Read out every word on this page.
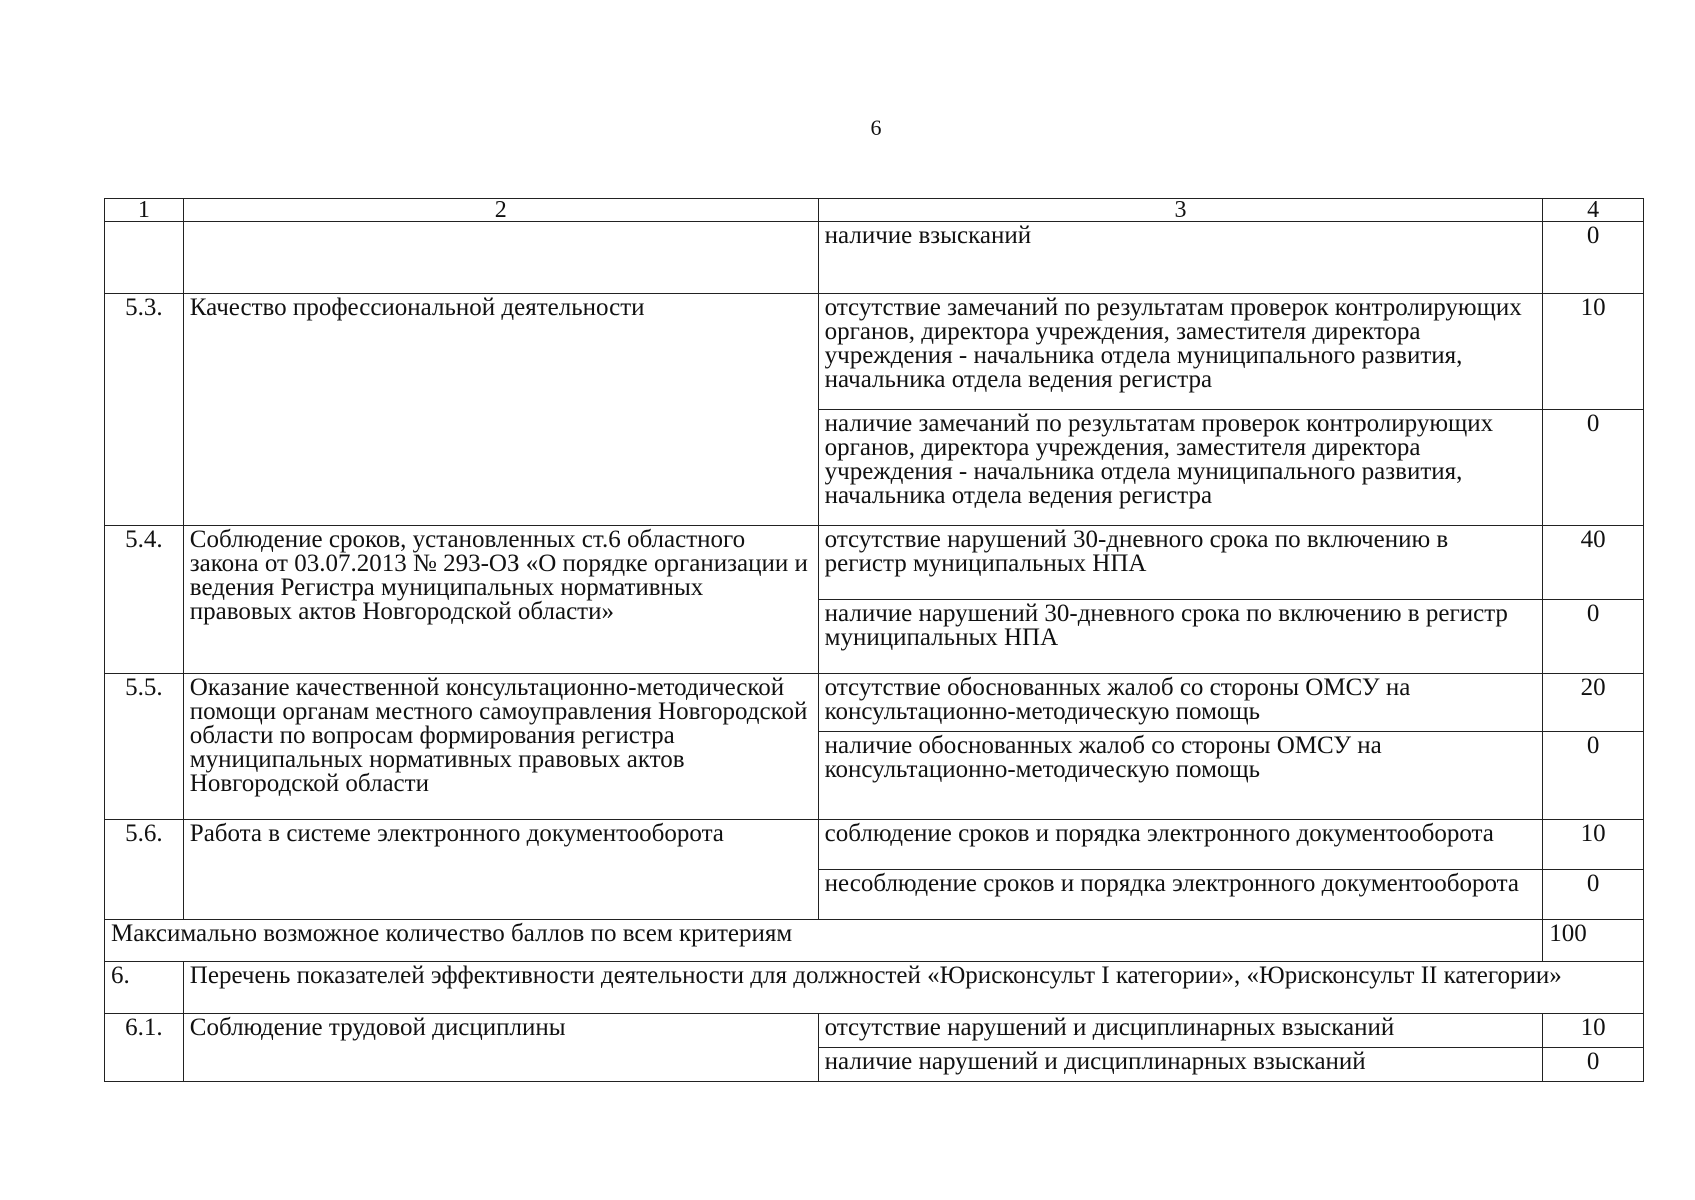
6
1	2	3	4
		наличие взысканий	0
5.3.	Качество профессиональной деятельности	отсутствие замечаний по результатам проверок контролирующих органов, директора учреждения, заместителя директора учреждения - начальника отдела муниципального развития, начальника отдела ведения регистра	10
		наличие замечаний по результатам проверок контролирующих органов, директора учреждения, заместителя директора учреждения - начальника отдела муниципального развития, начальника отдела ведения регистра	0
5.4.	Соблюдение сроков, установленных ст.6 областного закона от 03.07.2013 № 293-ОЗ «О порядке организации и ведения Регистра муниципальных нормативных правовых актов Новгородской области»	отсутствие нарушений 30-дневного срока по включению в регистр муниципальных НПА	40
		наличие нарушений 30-дневного срока по включению в регистр муниципальных НПА	0
5.5.	Оказание качественной консультационно-методической помощи органам местного самоуправления Новгородской области по вопросам формирования регистра муниципальных нормативных правовых актов Новгородской области	отсутствие обоснованных жалоб со стороны ОМСУ на консультационно-методическую помощь	20
		наличие обоснованных жалоб со стороны ОМСУ на консультационно-методическую помощь	0
5.6.	Работа в системе электронного документооборота	соблюдение сроков и порядка электронного документооборота	10
		несоблюдение сроков и порядка электронного документооборота	0
Максимально возможное количество баллов по всем критериям			100
6.	Перечень показателей эффективности деятельности для должностей «Юрисконсульт I категории», «Юрисконсульт II категории»		
6.1.	Соблюдение трудовой дисциплины	отсутствие нарушений и дисциплинарных взысканий	10
		наличие нарушений и дисциплинарных взысканий	0
